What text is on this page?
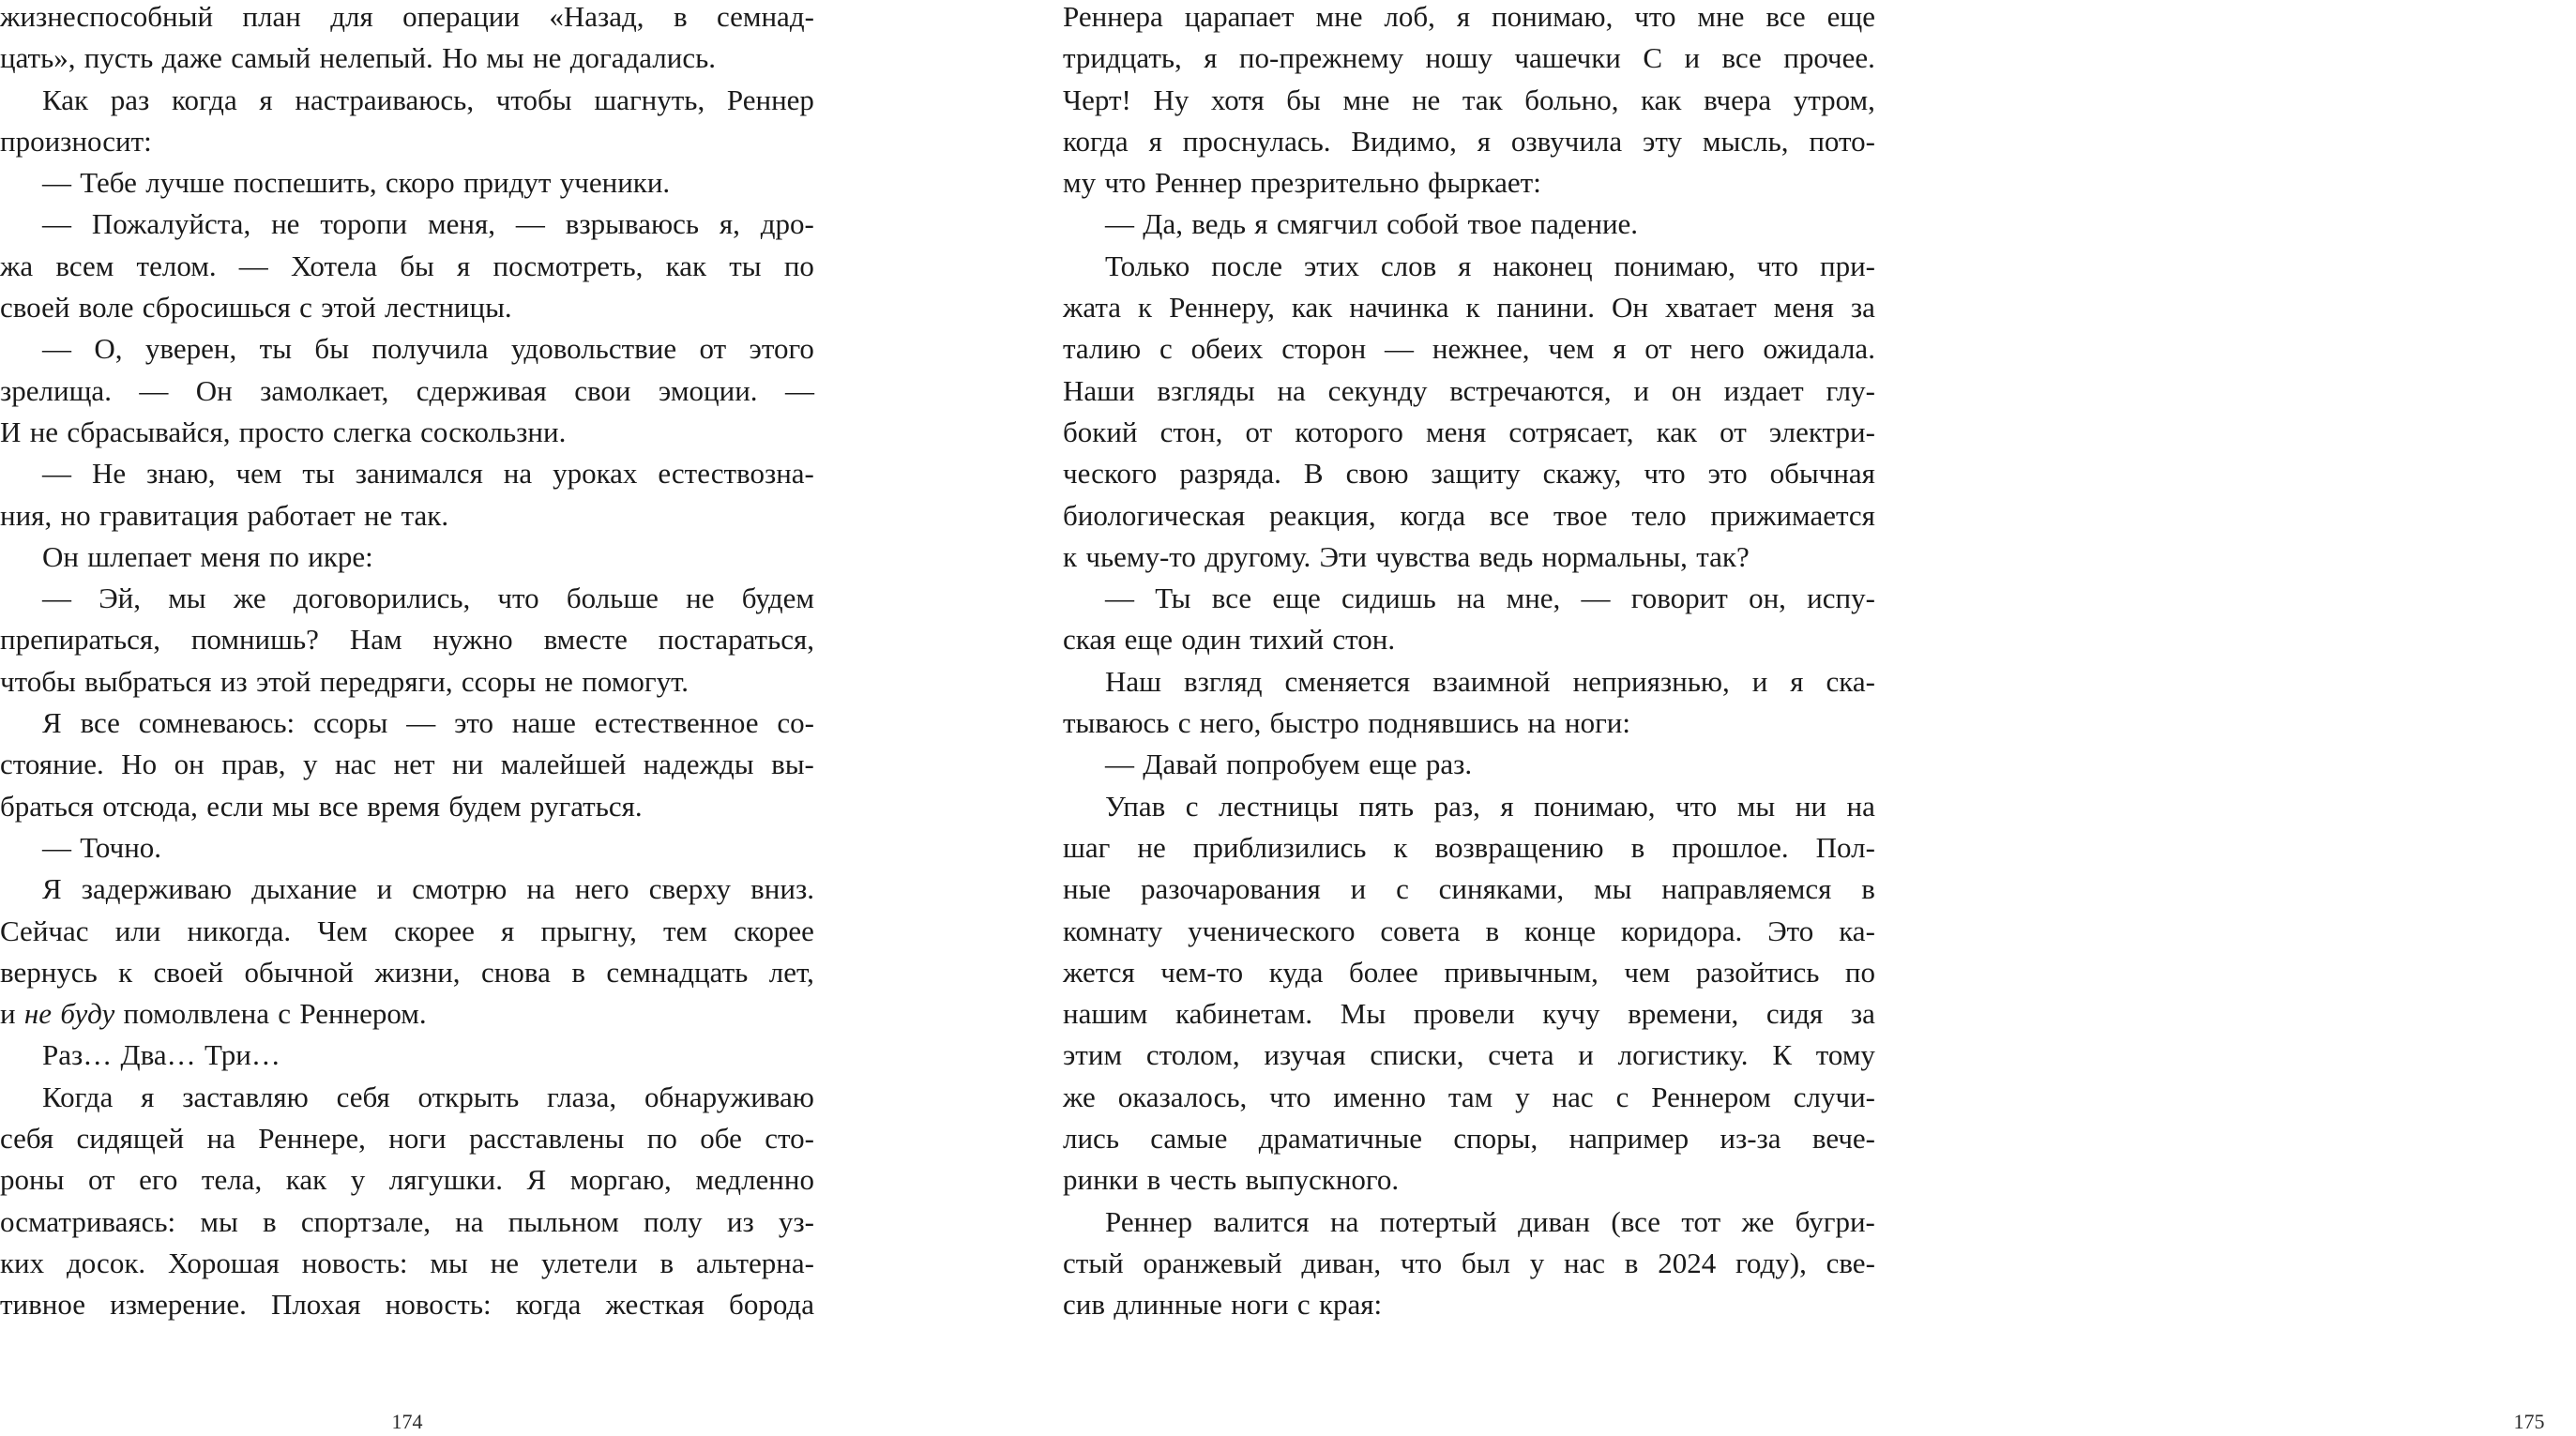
жизнеспособный план для операции «Назад, в семнад-
цать», пусть даже самый нелепый. Но мы не догадались.
Как раз когда я настраиваюсь, чтобы шагнуть, Реннер
произносит:
— Тебе лучше поспешить, скоро придут ученики.
— Пожалуйста, не торопи меня, — взрываюсь я, дро-
жа всем телом. — Хотела бы я посмотреть, как ты по
своей воле сбросишься с этой лестницы.
— О, уверен, ты бы получила удовольствие от этого
зрелища. — Он замолкает, сдерживая свои эмоции. —
И не сбрасывайся, просто слегка соскользни.
— Не знаю, чем ты занимался на уроках естествозна-
ния, но гравитация работает не так.
Он шлепает меня по икре:
— Эй, мы же договорились, что больше не будем
препираться, помнишь? Нам нужно вместе постараться,
чтобы выбраться из этой передряги, ссоры не помогут.
Я все сомневаюсь: ссоры — это наше естественное со-
стояние. Но он прав, у нас нет ни малейшей надежды вы-
браться отсюда, если мы все время будем ругаться.
— Точно.
Я задерживаю дыхание и смотрю на него сверху вниз.
Сейчас или никогда. Чем скорее я прыгну, тем скорее
вернусь к своей обычной жизни, снова в семнадцать лет,
и не буду помолвлена с Реннером.
Раз… Два… Три…
Когда я заставляю себя открыть глаза, обнаруживаю
себя сидящей на Реннере, ноги расставлены по обе сто-
роны от его тела, как у лягушки. Я моргаю, медленно
осматриваясь: мы в спортзале, на пыльном полу из уз-
ких досок. Хорошая новость: мы не улетели в альтерна-
тивное измерение. Плохая новость: когда жесткая борода
174
Реннера царапает мне лоб, я понимаю, что мне все еще
тридцать, я по-прежнему ношу чашечки C и все прочее.
Черт! Ну хотя бы мне не так больно, как вчера утром,
когда я проснулась. Видимо, я озвучила эту мысль, пото-
му что Реннер презрительно фыркает:
— Да, ведь я смягчил собой твое падение.
Только после этих слов я наконец понимаю, что при-
жата к Реннеру, как начинка к панини. Он хватает меня за
талию с обеих сторон — нежнее, чем я от него ожидала.
Наши взгляды на секунду встречаются, и он издает глу-
бокий стон, от которого меня сотрясает, как от электри-
ческого разряда. В свою защиту скажу, что это обычная
биологическая реакция, когда все твое тело прижимается
к чьему-то другому. Эти чувства ведь нормальны, так?
— Ты все еще сидишь на мне, — говорит он, испу-
ская еще один тихий стон.
Наш взгляд сменяется взаимной неприязнью, и я ска-
тываюсь с него, быстро поднявшись на ноги:
— Давай попробуем еще раз.
Упав с лестницы пять раз, я понимаю, что мы ни на
шаг не приблизились к возвращению в прошлое. Пол-
ные разочарования и с синяками, мы направляемся в
комнату ученического совета в конце коридора. Это ка-
жется чем-то куда более привычным, чем разойтись по
нашим кабинетам. Мы провели кучу времени, сидя за
этим столом, изучая списки, счета и логистику. К тому
же оказалось, что именно там у нас с Реннером случи-
лись самые драматичные споры, например из-за вече-
ринки в честь выпускного.
Реннер валится на потертый диван (все тот же бугри-
стый оранжевый диван, что был у нас в 2024 году), све-
сив длинные ноги с края:
175
